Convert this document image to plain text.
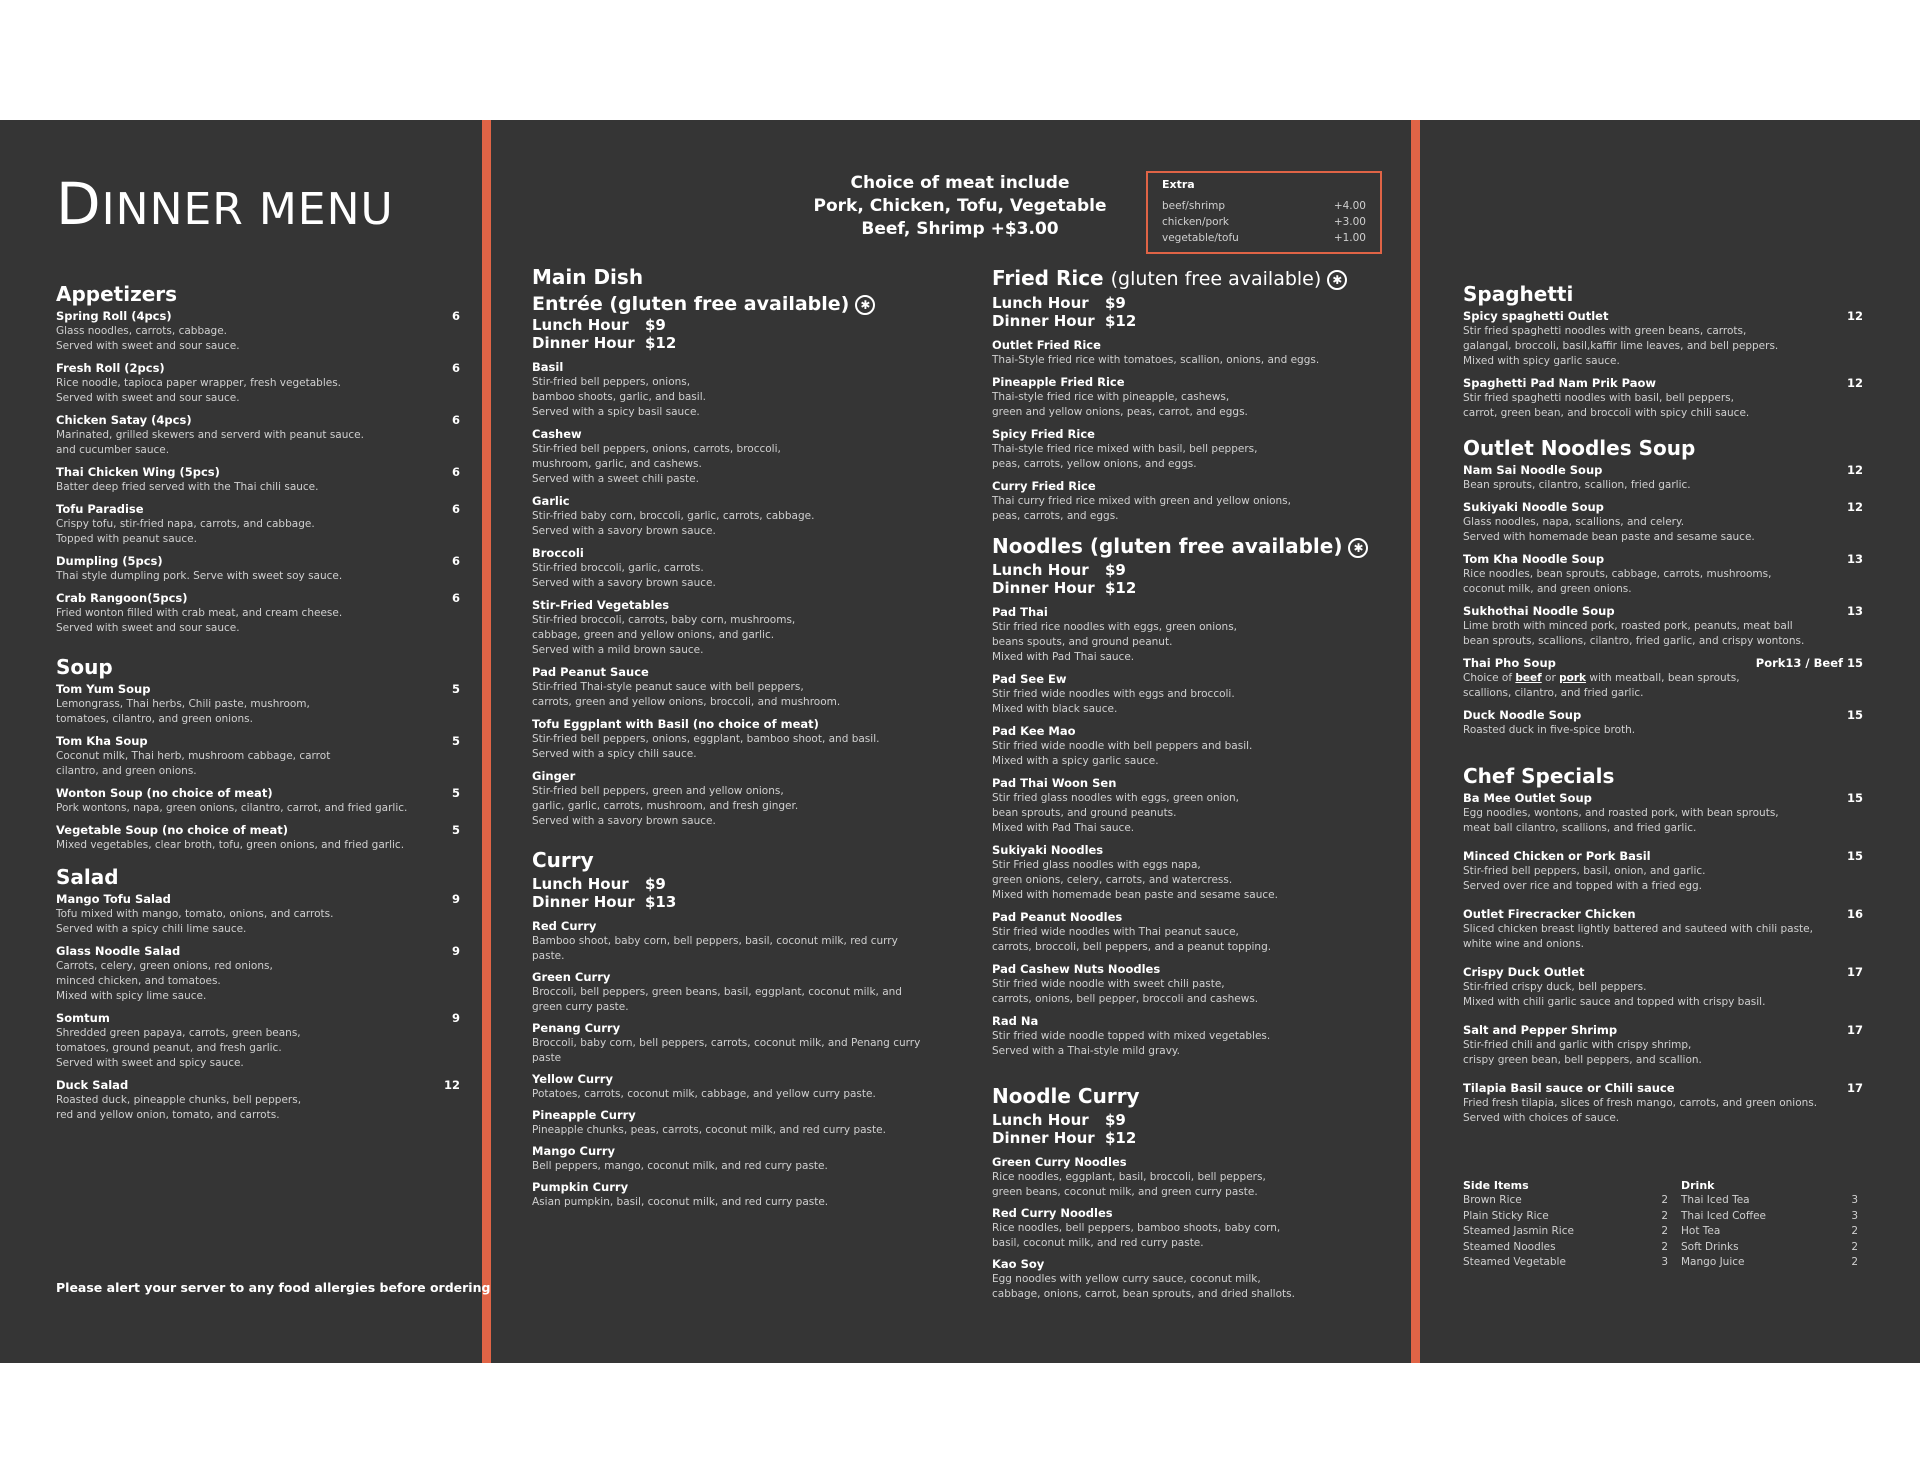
DINNER MENU
Appetizers
Spring Roll (4pcs)	6
Glass noodles, carrots, cabbage.
Served with sweet and sour sauce.
Fresh Roll (2pcs)	6
Rice noodle, tapioca paper wrapper, fresh vegetables.
Served with sweet and sour sauce.
Chicken Satay (4pcs)	6
Marinated, grilled skewers and serverd with peanut sauce.
and cucumber sauce.
Thai Chicken Wing (5pcs)	6
Batter deep fried served with the Thai chili sauce.
Tofu Paradise	6
Crispy tofu, stir-fried napa, carrots, and cabbage.
Topped with peanut sauce.
Dumpling (5pcs)	6
Thai style dumpling pork. Serve with sweet soy sauce.
Crab Rangoon(5pcs)	6
Fried wonton filled with crab meat, and cream cheese.
Served with sweet and sour sauce.
Soup
Tom Yum Soup	5
Lemongrass, Thai herbs, Chili paste, mushroom,
tomatoes, cilantro, and green onions.
Tom Kha Soup	5
Coconut milk, Thai herb, mushroom cabbage, carrot
cilantro, and green onions.
Wonton Soup (no choice of meat)	5
Pork wontons, napa, green onions, cilantro, carrot, and fried garlic.
Vegetable Soup (no choice of meat)	5
Mixed vegetables, clear broth, tofu, green onions, and fried garlic.
Salad
Mango Tofu Salad	9
Tofu mixed with mango, tomato, onions, and carrots.
Served with a spicy chili lime sauce.
Glass Noodle Salad	9
Carrots, celery, green onions, red onions,
minced chicken, and tomatoes.
Mixed with spicy lime sauce.
Somtum	9
Shredded green papaya, carrots, green beans,
tomatoes, ground peanut, and fresh garlic.
Served with sweet and spicy sauce.
Duck Salad	12
Roasted duck, pineapple chunks, bell peppers,
red and yellow onion, tomato, and carrots.
Please alert your server to any food allergies before ordering
Choice of meat include
Pork, Chicken, Tofu, Vegetable
Beef, Shrimp +$3.00
Extra
beef/shrimp	+4.00
chicken/pork	+3.00
vegetable/tofu	+1.00
Main Dish
Entrée (gluten free available) ✱
Lunch Hour	$9
Dinner Hour $12
Basil
Stir-fried bell peppers, onions,
bamboo shoots, garlic, and basil.
Served with a spicy basil sauce.
Cashew
Stir-fried bell peppers, onions, carrots, broccoli,
mushroom, garlic, and cashews.
Served with a sweet chili paste.
Garlic
Stir-fried baby corn, broccoli, garlic, carrots, cabbage.
Served with a savory brown sauce.
Broccoli
Stir-fried broccoli, garlic, carrots.
Served with a savory brown sauce.
Stir-Fried Vegetables
Stir-fried broccoli, carrots, baby corn, mushrooms,
cabbage, green and yellow onions, and garlic.
Served with a mild brown sauce.
Pad Peanut Sauce
Stir-fried Thai-style peanut sauce with bell peppers,
carrots, green and yellow onions, broccoli, and mushroom.
Tofu Eggplant with Basil (no choice of meat)
Stir-fried bell peppers, onions, eggplant, bamboo shoot, and basil.
Served with a spicy chili sauce.
Ginger
Stir-fried bell peppers, green and yellow onions,
garlic, garlic, carrots, mushroom, and fresh ginger.
Served with a savory brown sauce.
Curry
Lunch Hour	$9
Dinner Hour $13
Red Curry
Bamboo shoot, baby corn, bell peppers, basil, coconut milk, red curry
paste.
Green Curry
Broccoli, bell peppers, green beans, basil, eggplant, coconut milk, and
green curry paste.
Penang Curry
Broccoli, baby corn, bell peppers, carrots, coconut milk, and Penang curry
paste
Yellow Curry
Potatoes, carrots, coconut milk, cabbage, and yellow curry paste.
Pineapple Curry
Pineapple chunks, peas, carrots, coconut milk, and red curry paste.
Mango Curry
Bell peppers, mango, coconut milk, and red curry paste.
Pumpkin Curry
Asian pumpkin, basil, coconut milk, and red curry paste.
Fried Rice (gluten free available) ✱
Lunch Hour	$9
Dinner Hour $12
Outlet Fried Rice
Thai-Style fried rice with tomatoes, scallion, onions, and eggs.
Pineapple Fried Rice
Thai-style fried rice with pineapple, cashews,
green and yellow onions, peas, carrot, and eggs.
Spicy Fried Rice
Thai-style fried rice mixed with basil, bell peppers,
peas, carrots, yellow onions, and eggs.
Curry Fried Rice
Thai curry fried rice mixed with green and yellow onions,
peas, carrots, and eggs.
Noodles (gluten free available) ✱
Lunch Hour	$9
Dinner Hour $12
Pad Thai
Stir fried rice noodles with eggs, green onions,
beans spouts, and ground peanut.
Mixed with Pad Thai sauce.
Pad See Ew
Stir fried wide noodles with eggs and broccoli.
Mixed with black sauce.
Pad Kee Mao
Stir fried wide noodle with bell peppers and basil.
Mixed with a spicy garlic sauce.
Pad Thai Woon Sen
Stir fried glass noodles with eggs, green onion,
bean sprouts, and ground peanuts.
Mixed with Pad Thai sauce.
Sukiyaki Noodles
Stir Fried glass noodles with eggs napa,
green onions, celery, carrots, and watercress.
Mixed with homemade bean paste and sesame sauce.
Pad Peanut Noodles
Stir fried wide noodles with Thai peanut sauce,
carrots, broccoli, bell peppers, and a peanut topping.
Pad Cashew Nuts Noodles
Stir fried wide noodle with sweet chili paste,
carrots, onions, bell pepper, broccoli and cashews.
Rad Na
Stir fried wide noodle topped with mixed vegetables.
Served with a Thai-style mild gravy.
Noodle Curry
Lunch Hour	$9
Dinner Hour $12
Green Curry Noodles
Rice noodles, eggplant, basil, broccoli, bell peppers,
green beans, coconut milk, and green curry paste.
Red Curry Noodles
Rice noodles, bell peppers, bamboo shoots, baby corn,
basil, coconut milk, and red curry paste.
Kao Soy
Egg noodles with yellow curry sauce, coconut milk,
cabbage, onions, carrot, bean sprouts, and dried shallots.
Spaghetti
Spicy spaghetti Outlet	12
Stir fried spaghetti noodles with green beans, carrots,
galangal, broccoli, basil,kaffir lime leaves, and bell peppers.
Mixed with spicy garlic sauce.
Spaghetti Pad Nam Prik Paow	12
Stir fried spaghetti noodles with basil, bell peppers,
carrot, green bean, and broccoli with spicy chili sauce.
Outlet Noodles Soup
Nam Sai Noodle Soup	12
Bean sprouts, cilantro, scallion, fried garlic.
Sukiyaki Noodle Soup	12
Glass noodles, napa, scallions, and celery.
Served with homemade bean paste and sesame sauce.
Tom Kha Noodle Soup	13
Rice noodles, bean sprouts, cabbage, carrots, mushrooms,
coconut milk, and green onions.
Sukhothai Noodle Soup	13
Lime broth with minced pork, roasted pork, peanuts, meat ball
bean sprouts, scallions, cilantro, fried garlic, and crispy wontons.
Thai Pho Soup	Pork13 / Beef 15
Choice of beef or pork with meatball, bean sprouts,
scallions, cilantro, and fried garlic.
Duck Noodle Soup	15
Roasted duck in five-spice broth.
Chef Specials
Ba Mee Outlet Soup	15
Egg noodles, wontons, and roasted pork, with bean sprouts,
meat ball cilantro, scallions, and fried garlic.
Minced Chicken or Pork Basil	15
Stir-fried bell peppers, basil, onion, and garlic.
Served over rice and topped with a fried egg.
Outlet Firecracker Chicken	16
Sliced chicken breast lightly battered and sauteed with chili paste,
white wine and onions.
Crispy Duck Outlet	17
Stir-fried crispy duck, bell peppers.
Mixed with chili garlic sauce and topped with crispy basil.
Salt and Pepper Shrimp	17
Stir-fried chili and garlic with crispy shrimp,
crispy green bean, bell peppers, and scallion.
Tilapia Basil sauce or Chili sauce	17
Fried fresh tilapia, slices of fresh mango, carrots, and green onions.
Served with choices of sauce.
Side Items
Brown Rice	2
Plain Sticky Rice	2
Steamed Jasmin Rice	2
Steamed Noodles	2
Steamed Vegetable	3
Drink
Thai Iced Tea	3
Thai Iced Coffee	3
Hot Tea	2
Soft Drinks	2
Mango Juice	2
